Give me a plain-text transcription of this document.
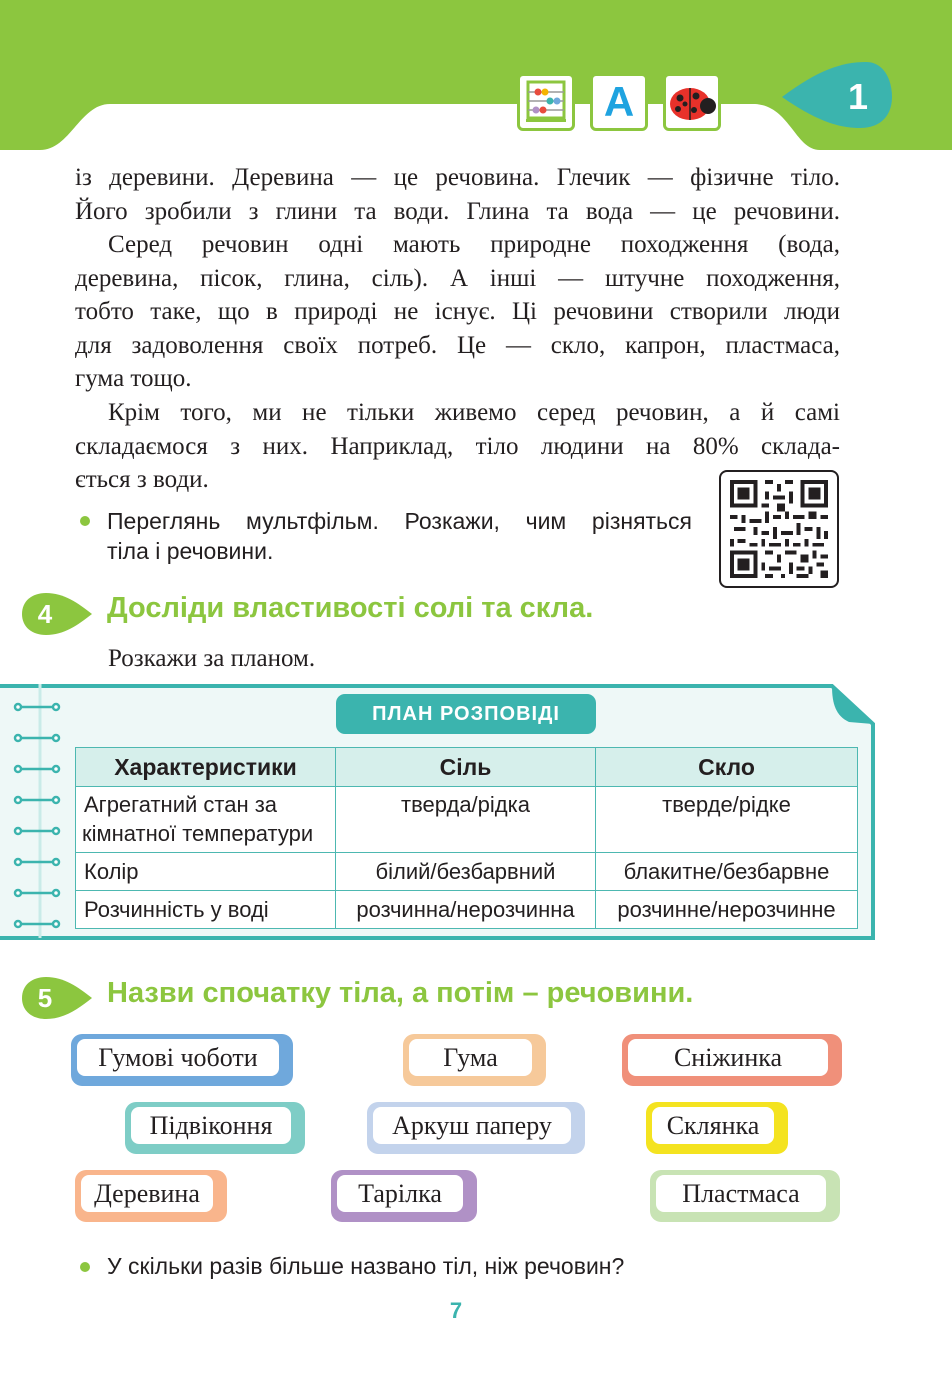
A	1
із деревини. Деревина — це речовина. Глечик — фізичне тіло.
Його зробили з глини та води. Глина та вода — це речовини.
Серед речовин одні мають природне походження (вода,
деревина, пісок, глина, сіль). А інші — штучне походження,
тобто таке, що в природі не існує. Ці речовини створили люди
для задоволення своїх потреб. Це — скло, капрон, пластмаса,
гума тощо.
Крім того, ми не тільки живемо серед речовин, а й самі
складаємося з них. Наприклад, тіло людини на 80% склада-
ється з води.
Переглянь мультфільм. Розкажи, чим різняться
тіла і речовини.
4 Досліди властивості солі та скла.
Розкажи за планом.
ПЛАН РОЗПОВІДІ
Характеристики	Сіль	Скло

Агрегатний стан за
кімнатної температури	тверда/рідка	тверде/рідке
Колір	білий/безбарвний	блакитне/безбарвне
Розчинність у воді	розчинна/нерозчинна	розчинне/нерозчинне
5 Назви спочатку тіла, а потім – речовини.
Гумові чоботи	Гума	Сніжинка
Підвіконня	Аркуш паперу	Склянка
Деревина	Тарілка	Пластмаса
У скільки разів більше названо тіл, ніж речовин?
7
